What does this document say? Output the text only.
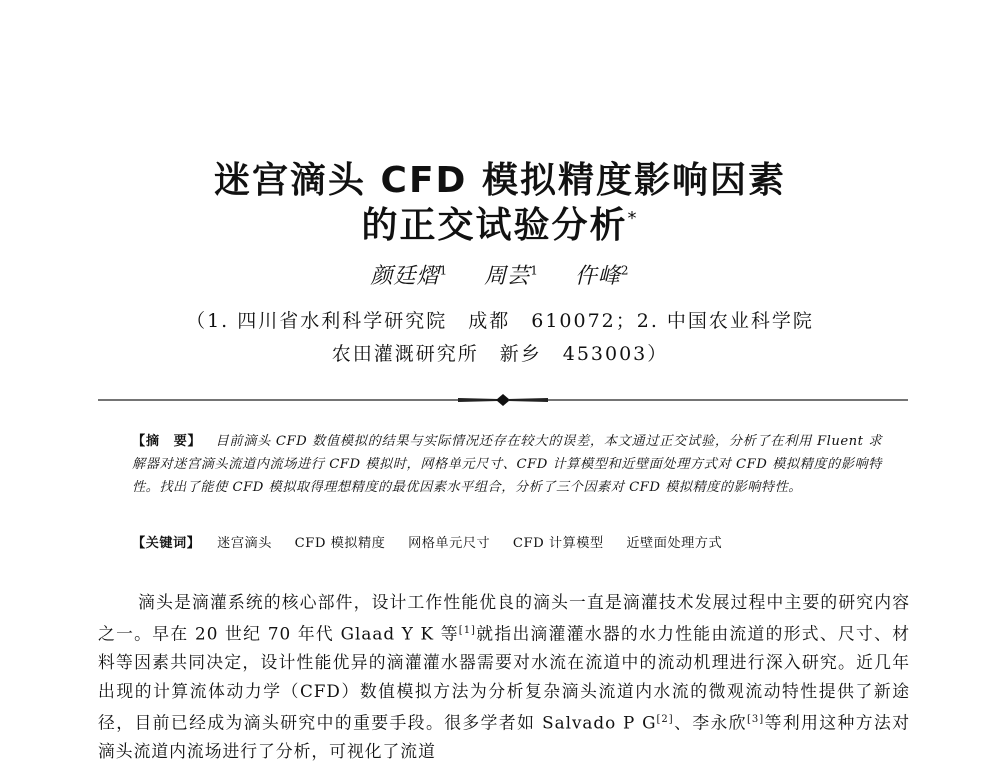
迷宫滴头 CFD 模拟精度影响因素
的正交试验分析*
颜廷熠$^1$ 周芸$^1$ 仵峰$^2$
（1. 四川省水利科学研究院　成都　610072；2. 中国农业科学院
农田灌溉研究所　新乡　453003）
【摘　要】 目前滴头 CFD 数值模拟的结果与实际情况还存在较大的误差，本文通过正交试验，分析了在利用 Fluent 求解器对迷宫滴头流道内流场进行 CFD 模拟时，网格单元尺寸、CFD 计算模型和近壁面处理方式对 CFD 模拟精度的影响特性。找出了能使 CFD 模拟取得理想精度的最优因素水平组合，分析了三个因素对 CFD 模拟精度的影响特性。
【关键词】 迷宫滴头 CFD 模拟精度 网格单元尺寸 CFD 计算模型 近壁面处理方式

滴头是滴灌系统的核心部件，设计工作性能优良的滴头一直是滴灌技术发展过程中主要的研究内容之一。早在 20 世纪 70 年代 Glaad Y K 等[1]就指出滴灌灌水器的水力性能由流道的形式、尺寸、材料等因素共同决定，设计性能优异的滴灌灌水器需要对水流在流道中的流动机理进行深入研究。近几年出现的计算流体动力学（CFD）数值模拟方法为分析复杂滴头流道内水流的微观流动特性提供了新途径，目前已经成为滴头研究中的重要手段。很多学者如 Salvado P G[2]、李永欣[3]等利用这种方法对滴头流道内流场进行了分析，可视化了流道
